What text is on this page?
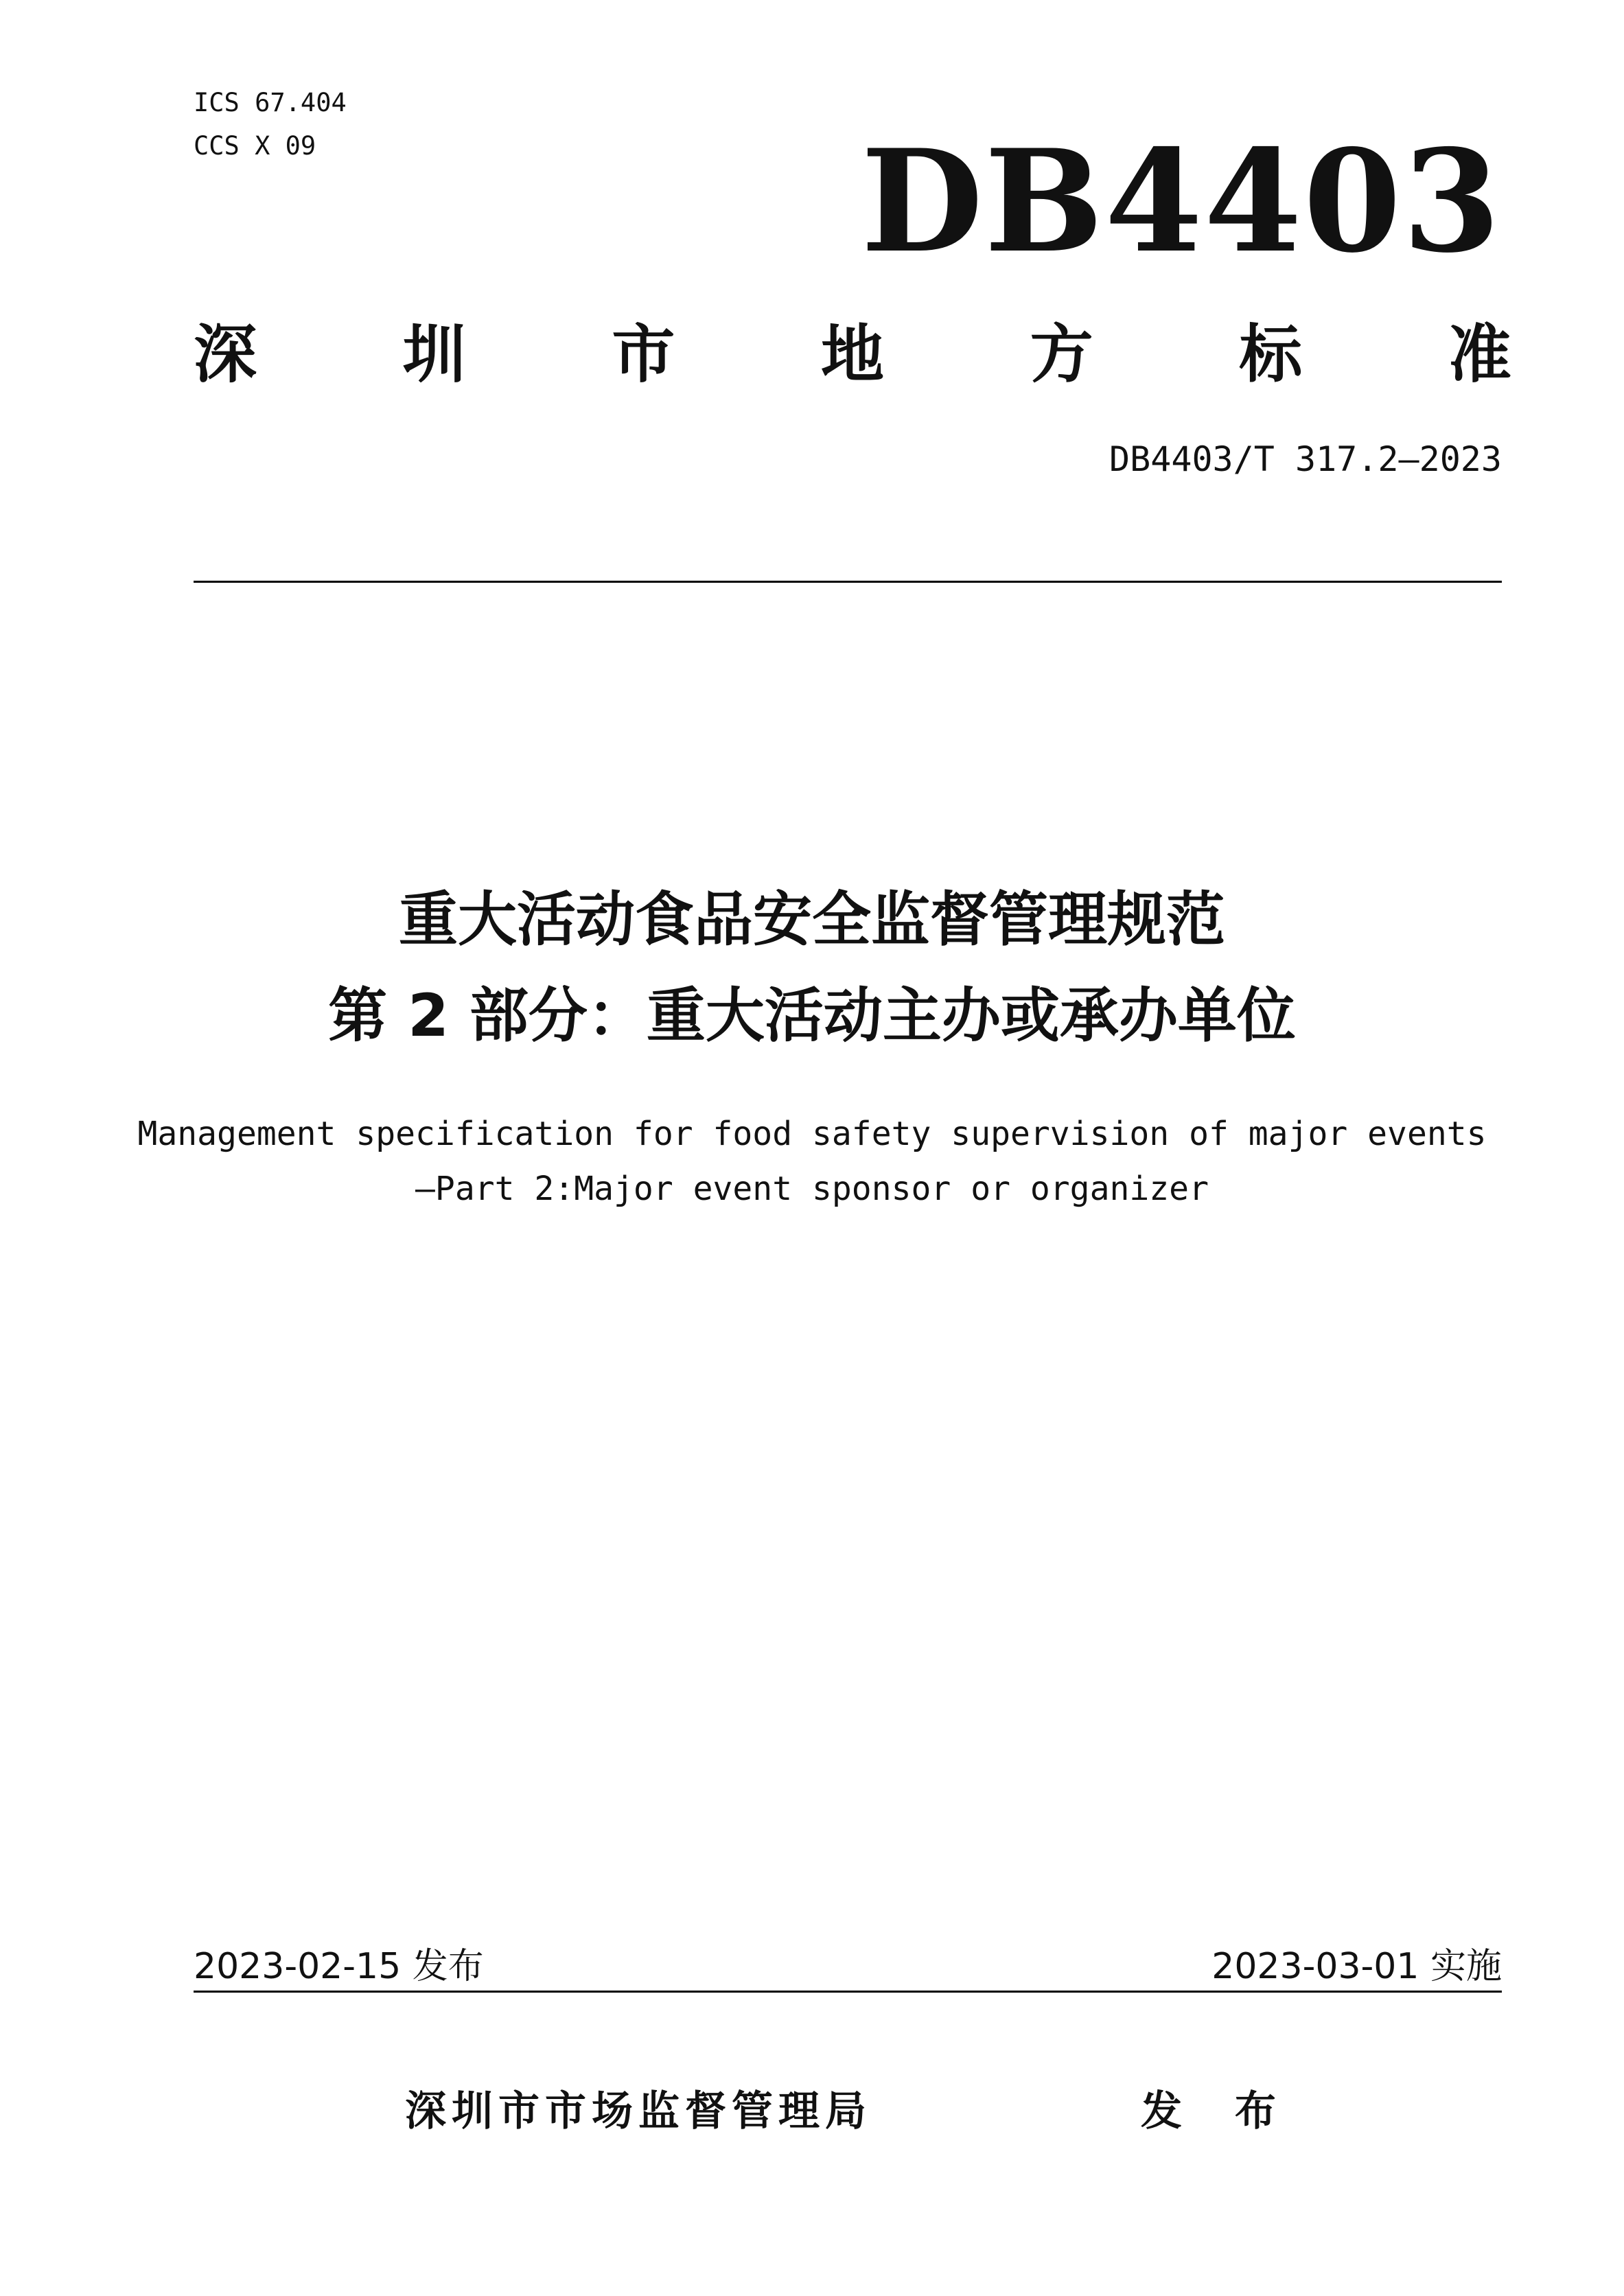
ICS 67.404
CCS X 09	DB4403
深 圳 市 地 方 标 准
DB4403/T 317.2—2023
重大活动食品安全监督管理规范
第 2 部分：重大活动主办或承办单位
Management specification for food safety supervision of major events
—Part 2:Major event sponsor or organizer
2023-02-15 发布	2023-03-01 实施
深圳市市场监督管理局	发 布
